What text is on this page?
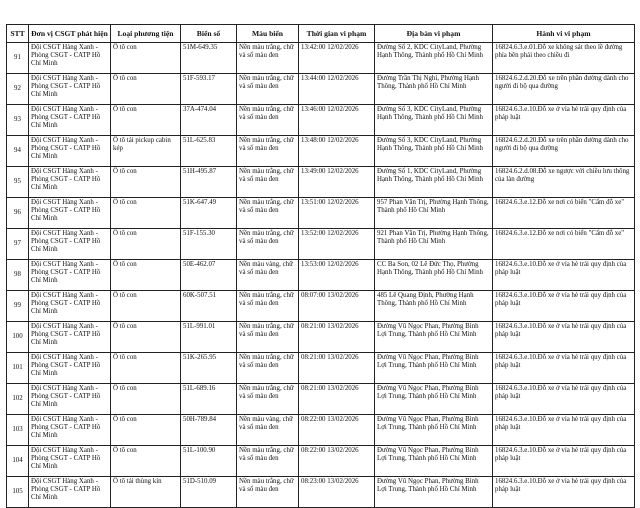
STT	Đơn vị CSGT phát hiện	Loại phương tiện	Biển số	Màu biển	Thời gian vi phạm	Địa bàn vi phạm	Hành vi vi phạm
91	Đội CSGT Hàng Xanh - Phòng CSGT - CATP Hồ Chí Minh	Ô tô con	51M-649.35	Nền màu trắng, chữ và số màu đen	13:42:00 12/02/2026	Đường Số 2, KDC CityLand, Phường Hạnh Thông, Thành phố Hồ Chí Minh	16824.6.3.e.01.Đỗ xe không sát theo lề đường phía bên phải theo chiều đi
92	Đội CSGT Hàng Xanh - Phòng CSGT - CATP Hồ Chí Minh	Ô tô con	51F-593.17	Nền màu trắng, chữ và số màu đen	13:44:00 12/02/2026	Đường Trần Thị Nghỉ, Phường Hạnh Thông, Thành phố Hồ Chí Minh	16824.6.2.d.20.Đỗ xe trên phần đường dành cho người đi bộ qua đường
93	Đội CSGT Hàng Xanh - Phòng CSGT - CATP Hồ Chí Minh	Ô tô con	37A-474.04	Nền màu trắng, chữ và số màu đen	13:46:00 12/02/2026	Đường Số 3, KDC CityLand, Phường Hạnh Thông, Thành phố Hồ Chí Minh	16824.6.3.e.10.Đỗ xe ở vỉa hè trái quy định của pháp luật
94	Đội CSGT Hàng Xanh - Phòng CSGT - CATP Hồ Chí Minh	Ô tô tải pickup cabin kép	51L-625.83	Nền màu trắng, chữ và số màu đen	13:48:00 12/02/2026	Đường Số 3, KDC CityLand, Phường Hạnh Thông, Thành phố Hồ Chí Minh	16824.6.2.d.20.Đỗ xe trên phần đường dành cho người đi bộ qua đường
95	Đội CSGT Hàng Xanh - Phòng CSGT - CATP Hồ Chí Minh	Ô tô con	51H-495.87	Nền màu trắng, chữ và số màu đen	13:49:00 12/02/2026	Đường Số 1, KDC CityLand, Phường Hạnh Thông, Thành phố Hồ Chí Minh	16824.6.2.d.08.Đỗ xe ngược với chiều lưu thông của làn đường
96	Đội CSGT Hàng Xanh - Phòng CSGT - CATP Hồ Chí Minh	Ô tô con	51K-647.49	Nền màu trắng, chữ và số màu đen	13:51:00 12/02/2026	957 Phan Văn Trị, Phường Hạnh Thông, Thành phố Hồ Chí Minh	16824.6.3.e.12.Đỗ xe nơi có biển "Cấm đỗ xe"
97	Đội CSGT Hàng Xanh - Phòng CSGT - CATP Hồ Chí Minh	Ô tô con	51F-155.30	Nền màu trắng, chữ và số màu đen	13:52:00 12/02/2026	921 Phan Văn Trị, Phường Hạnh Thông, Thành phố Hồ Chí Minh	16824.6.3.e.12.Đỗ xe nơi có biển "Cấm đỗ xe"
98	Đội CSGT Hàng Xanh - Phòng CSGT - CATP Hồ Chí Minh	Ô tô con	50E-462.07	Nền màu vàng, chữ và số màu đen	13:53:00 12/02/2026	CC Ba Son, 02 Lê Đức Thọ, Phường Hạnh Thông, Thành phố Hồ Chí Minh	16824.6.3.e.10.Đỗ xe ở vỉa hè trái quy định của pháp luật
99	Đội CSGT Hàng Xanh - Phòng CSGT - CATP Hồ Chí Minh	Ô tô con	60K-507.51	Nền màu trắng, chữ và số màu đen	08:07:00 13/02/2026	485 Lê Quang Định, Phường Hạnh Thông, Thành phố Hồ Chí Minh	16824.6.3.e.10.Đỗ xe ở vỉa hè trái quy định của pháp luật
100	Đội CSGT Hàng Xanh - Phòng CSGT - CATP Hồ Chí Minh	Ô tô con	51L-991.01	Nền màu trắng, chữ và số màu đen	08:21:00 13/02/2026	Đường Vũ Ngọc Phan, Phường Bình Lợi Trung, Thành phố Hồ Chí Minh	16824.6.3.e.10.Đỗ xe ở vỉa hè trái quy định của pháp luật
101	Đội CSGT Hàng Xanh - Phòng CSGT - CATP Hồ Chí Minh	Ô tô con	51K-265.95	Nền màu trắng, chữ và số màu đen	08:21:00 13/02/2026	Đường Vũ Ngọc Phan, Phường Bình Lợi Trung, Thành phố Hồ Chí Minh	16824.6.3.e.10.Đỗ xe ở vỉa hè trái quy định của pháp luật
102	Đội CSGT Hàng Xanh - Phòng CSGT - CATP Hồ Chí Minh	Ô tô con	51L-689.16	Nền màu trắng, chữ và số màu đen	08:21:00 13/02/2026	Đường Vũ Ngọc Phan, Phường Bình Lợi Trung, Thành phố Hồ Chí Minh	16824.6.3.e.10.Đỗ xe ở vỉa hè trái quy định của pháp luật
103	Đội CSGT Hàng Xanh - Phòng CSGT - CATP Hồ Chí Minh	Ô tô con	50H-789.84	Nền màu vàng, chữ và số màu đen	08:22:00 13/02/2026	Đường Vũ Ngọc Phan, Phường Bình Lợi Trung, Thành phố Hồ Chí Minh	16824.6.3.e.10.Đỗ xe ở vỉa hè trái quy định của pháp luật
104	Đội CSGT Hàng Xanh - Phòng CSGT - CATP Hồ Chí Minh	Ô tô con	51L-100.90	Nền màu trắng, chữ và số màu đen	08:22:00 13/02/2026	Đường Vũ Ngọc Phan, Phường Bình Lợi Trung, Thành phố Hồ Chí Minh	16824.6.3.e.10.Đỗ xe ở vỉa hè trái quy định của pháp luật
105	Đội CSGT Hàng Xanh - Phòng CSGT - CATP Hồ Chí Minh	Ô tô tải thùng kín	51D-510.09	Nền màu trắng, chữ và số màu đen	08:23:00 13/02/2026	Đường Vũ Ngọc Phan, Phường Bình Lợi Trung, Thành phố Hồ Chí Minh	16824.6.3.e.10.Đỗ xe ở vỉa hè trái quy định của pháp luật
